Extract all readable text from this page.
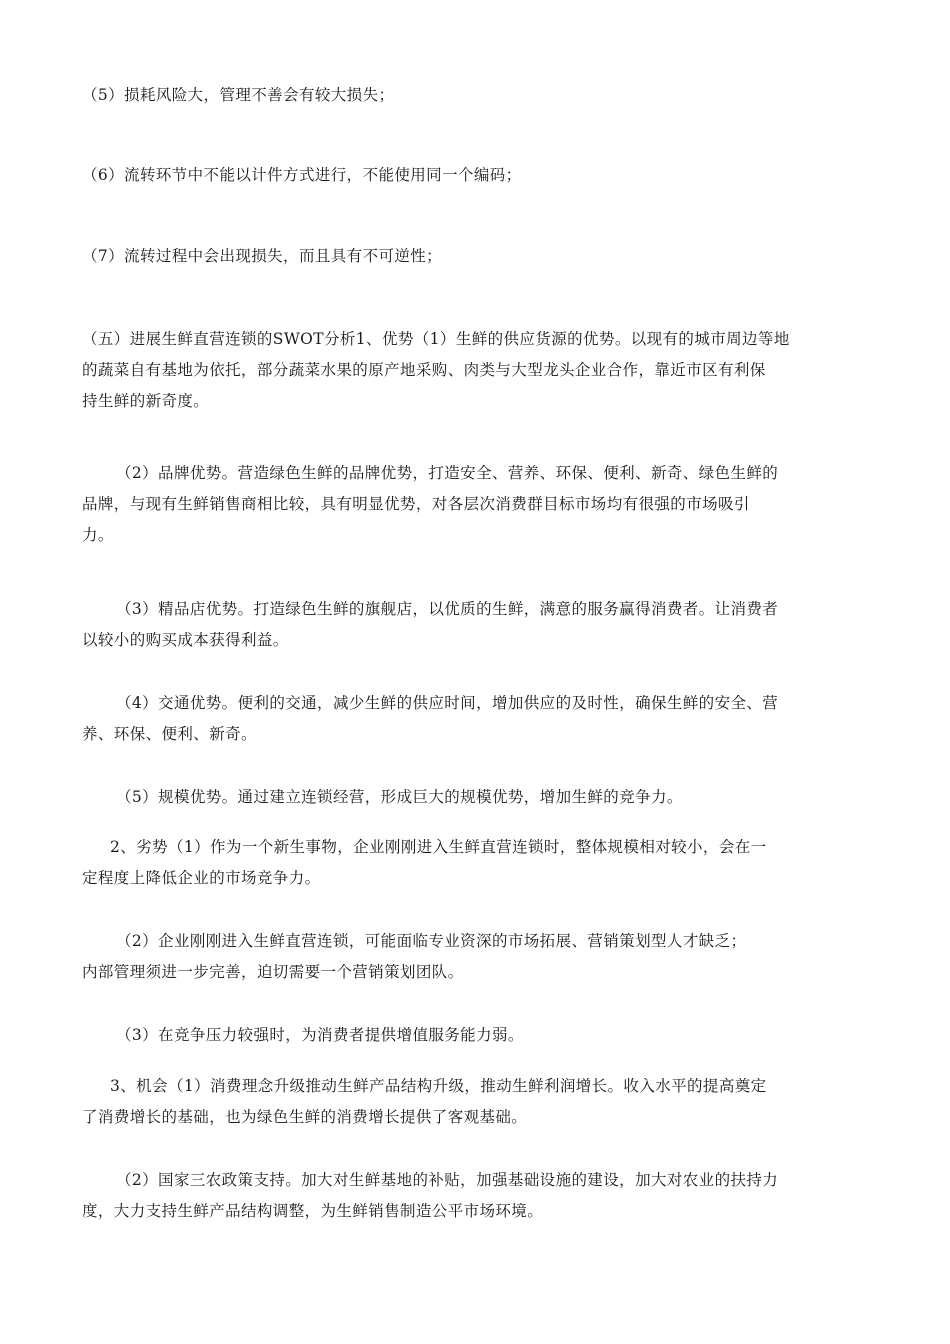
（5）损耗风险大，管理不善会有较大损失；

（6）流转环节中不能以计件方式进行，不能使用同一个编码；

（7）流转过程中会出现损失，而且具有不可逆性；

（五）进展生鲜直营连锁的SWOT分析1、优势（1）生鲜的供应货源的优势。以现有的城市周边等地
的蔬菜自有基地为依托，部分蔬菜水果的原产地采购、肉类与大型龙头企业合作，靠近市区有利保
持生鲜的新奇度。

（2）品牌优势。营造绿色生鲜的品牌优势，打造安全、营养、环保、便利、新奇、绿色生鲜的
品牌，与现有生鲜销售商相比较，具有明显优势，对各层次消费群目标市场均有很强的市场吸引
力。

（3）精品店优势。打造绿色生鲜的旗舰店，以优质的生鲜，满意的服务赢得消费者。让消费者
以较小的购买成本获得利益。

（4）交通优势。便利的交通，减少生鲜的供应时间，增加供应的及时性，确保生鲜的安全、营
养、环保、便利、新奇。

（5）规模优势。通过建立连锁经营，形成巨大的规模优势，增加生鲜的竞争力。

2、劣势（1）作为一个新生事物，企业刚刚进入生鲜直营连锁时，整体规模相对较小，会在一
定程度上降低企业的市场竞争力。

（2）企业刚刚进入生鲜直营连锁，可能面临专业资深的市场拓展、营销策划型人才缺乏；
内部管理须进一步完善，迫切需要一个营销策划团队。

（3）在竞争压力较强时，为消费者提供增值服务能力弱。

3、机会（1）消费理念升级推动生鲜产品结构升级，推动生鲜利润增长。收入水平的提高奠定
了消费增长的基础，也为绿色生鲜的消费增长提供了客观基础。

（2）国家三农政策支持。加大对生鲜基地的补贴，加强基础设施的建设，加大对农业的扶持力
度，大力支持生鲜产品结构调整，为生鲜销售制造公平市场环境。
